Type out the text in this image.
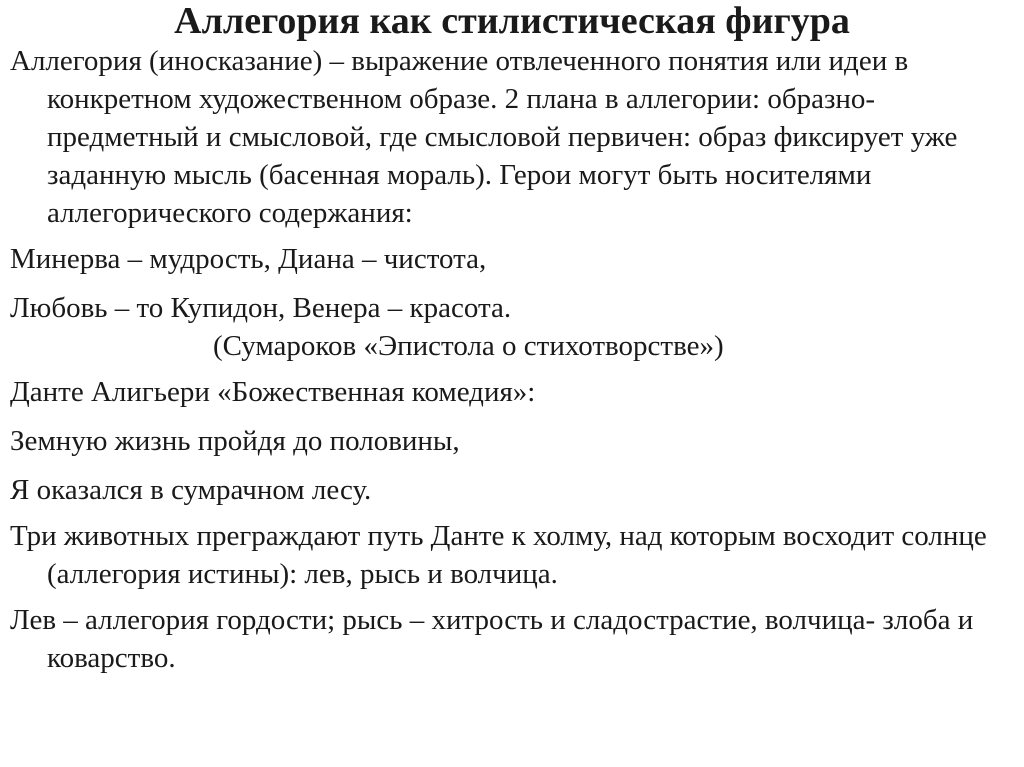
Аллегория как стилистическая фигура

Аллегория (иносказание) – выражение отвлеченного понятия или идеи в конкретном художественном образе. 2 плана в аллегории: образно-предметный и смысловой, где смысловой первичен: образ фиксирует уже заданную мысль (басенная мораль). Герои могут быть носителями аллегорического содержания:

Минерва – мудрость, Диана – чистота,

Любовь – то Купидон, Венера – красота.

(Сумароков «Эпистола о стихотворстве»)

Данте Алигьери «Божественная комедия»:

Земную жизнь пройдя до половины,

Я оказался в сумрачном лесу.

Три животных преграждают путь Данте к холму, над которым восходит солнце (аллегория истины): лев, рысь и волчица.

Лев – аллегория гордости; рысь – хитрость и сладострастие, волчица- злоба и коварство.
